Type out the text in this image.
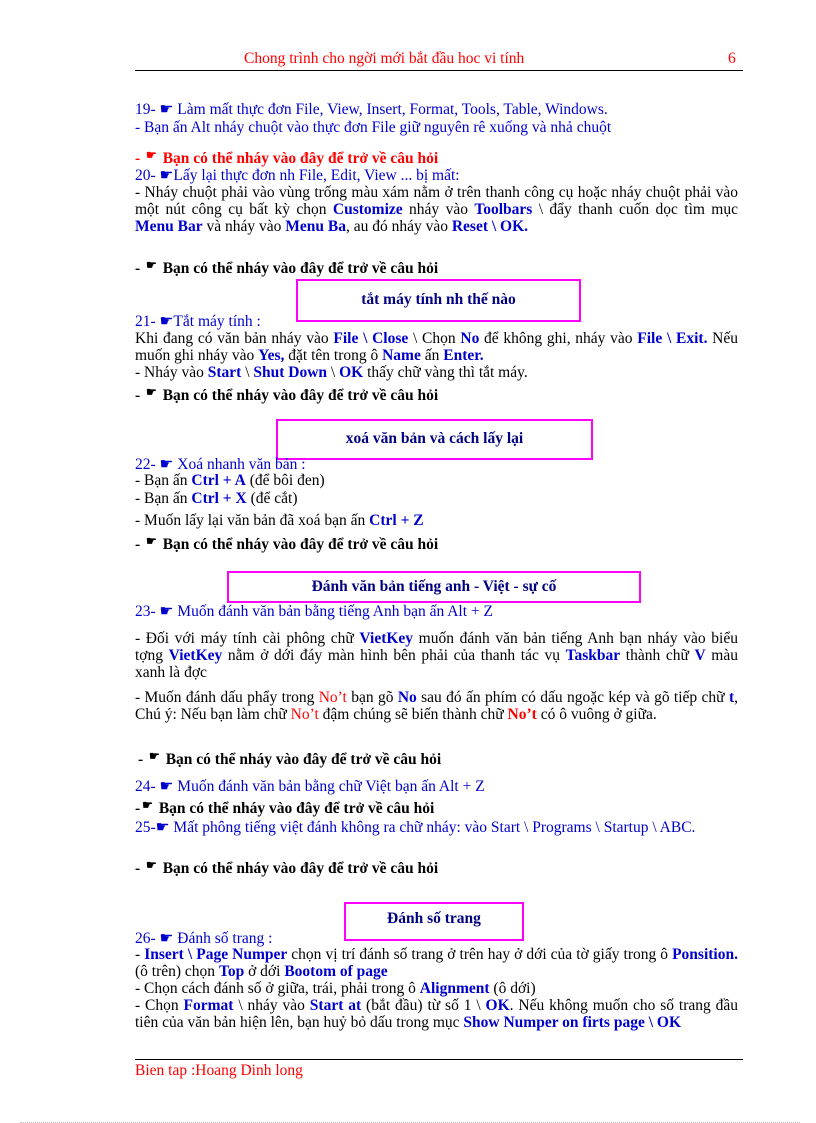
Chong trình cho ngời mới bắt đầu hoc vi tính	6
19- ☛ Làm mất thực đơn File, View, Insert, Format, Tools, Table, Windows.
- Bạn ấn Alt nháy chuột vào thực đơn File giữ nguyên rê xuống và nhả chuột
- ☛ Bạn có thể nháy vào đây để trở về câu hỏi
20- ☛Lấy lại thực đơn nh File, Edit, View ... bị mất:
- Nháy chuột phải vào vùng trống màu xám nằm ở trên thanh công cụ hoặc nháy chuột phải vào một nút công cụ bất kỳ chọn Customize nháy vào Toolbars \ đẩy thanh cuốn dọc tìm mục Menu Bar và nháy vào Menu Ba, au đó nháy vào Reset \ OK.
- ☛ Bạn có thể nháy vào đây để trở về câu hỏi
tắt máy tính nh thế nào
21- ☛Tắt máy tính :
Khi đang có văn bản nháy vào File \ Close \ Chọn No để không ghi, nháy vào File \ Exit. Nếu muốn ghi nháy vào Yes, đặt tên trong ô Name ấn Enter.
- Nháy vào Start \ Shut Down \ OK thấy chữ vàng thì tắt máy.
- ☛ Bạn có thể nháy vào đây để trở về câu hỏi
xoá văn bản và cách lấy lại
22- ☛ Xoá nhanh văn bản :
- Bạn ấn Ctrl + A (để bôi đen)
- Bạn ấn Ctrl + X (để cắt)
- Muốn lấy lại văn bản đã xoá bạn ấn Ctrl + Z
- ☛ Bạn có thể nháy vào đây để trở về câu hỏi
Đánh văn bản tiếng anh - Việt - sự cố
23- ☛ Muốn đánh văn bản bằng tiếng Anh bạn ấn Alt + Z
- Đối với máy tính cài phông chữ VietKey muốn đánh văn bản tiếng Anh bạn nháy vào biểu tợng VietKey nằm ở dới đáy màn hình bên phải của thanh tác vụ Taskbar thành chữ V màu xanh là đợc
- Muốn đánh dấu phẩy trong No’t bạn gõ No sau đó ấn phím có dấu ngoặc kép và gõ tiếp chữ t, Chú ý: Nếu bạn làm chữ No’t đậm chúng sẽ biến thành chữ No’t có ô vuông ở giữa.
- ☛ Bạn có thể nháy vào đây để trở về câu hỏi
24- ☛ Muốn đánh văn bản bằng chữ Việt bạn ấn Alt + Z
- ☛ Bạn có thể nháy vào đây để trở về câu hỏi
25-☛ Mất phông tiếng việt đánh không ra chữ nháy: vào Start \ Programs \ Startup \ ABC.
- ☛ Bạn có thể nháy vào đây để trở về câu hỏi
Đánh số trang
26- ☛ Đánh số trang :
- Insert \ Page Numper chọn vị trí đánh số trang ở trên hay ở dới của tờ giấy trong ô Ponsition.(ô trên) chọn Top ở dới Bootom of page
- Chọn cách đánh số ở giữa, trái, phải trong ô Alignment (ô dới)
- Chọn Format \ nháy vào Start at (bắt đầu) từ số 1 \ OK. Nếu không muốn cho số trang đầu tiên của văn bản hiện lên, bạn huỷ bỏ dấu trong mục Show Numper on firts page \ OK
Bien tap :Hoang Dinh long
